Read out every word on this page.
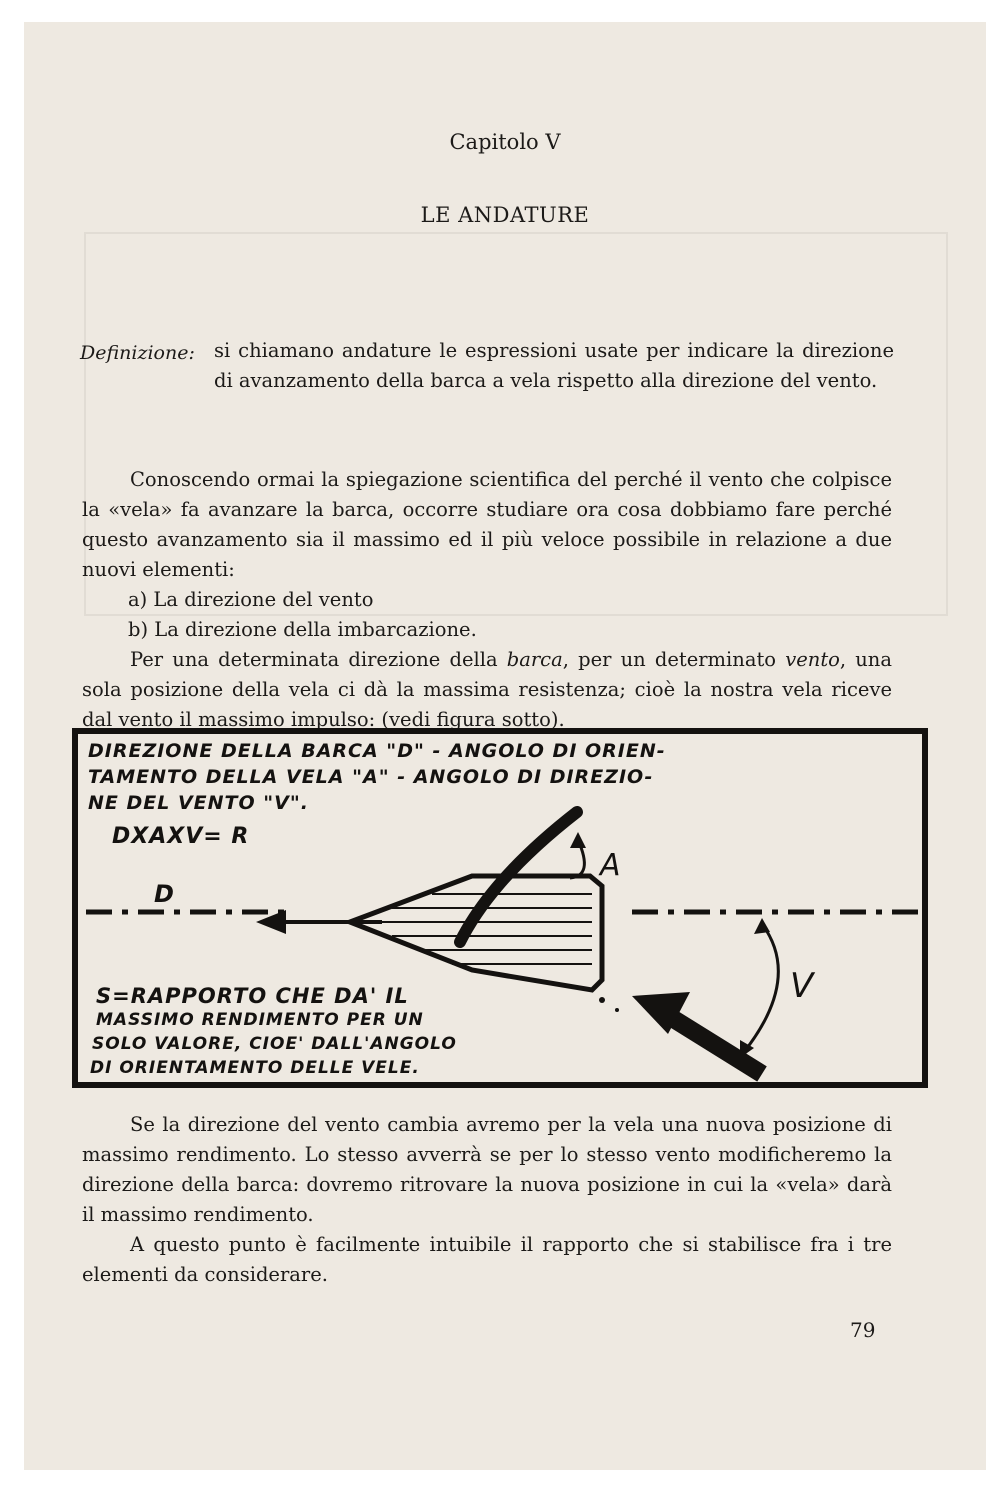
Capitolo V
LE ANDATURE
Definizione: si chiamano andature le espressioni usate per indicare la direzione di avanzamento della barca a vela rispetto alla direzione del vento.

Conoscendo ormai la spiegazione scientifica del perché il vento che colpisce la «vela» fa avanzare la barca, occorre studiare ora cosa dobbiamo fare perché questo avanzamento sia il massimo ed il più veloce possibile in relazione a due nuovi elementi:

a) La direzione del vento

b) La direzione della imbarcazione.

Per una determinata direzione della barca, per un determinato vento, una sola posizione della vela ci dà la massima resistenza; cioè la nostra vela riceve dal vento il massimo impulso: (vedi figura sotto).

DIREZIONE DELLA BARCA "D" - ANGOLO DI ORIEN-
TAMENTO DELLA VELA "A" - ANGOLO DI DIREZIO-
NE DEL VENTO "V".
DXAXV= R
A
D
V
S=RAPPORTO CHE DA' IL
MASSIMO RENDIMENTO PER UN
SOLO VALORE, CIOE' DALL'ANGOLO
DI ORIENTAMENTO DELLE VELE.

Se la direzione del vento cambia avremo per la vela una nuova posizione di massimo rendimento. Lo stesso avverrà se per lo stesso vento modificheremo la direzione della barca: dovremo ritrovare la nuova posizione in cui la «vela» darà il massimo rendimento.

A questo punto è facilmente intuibile il rapporto che si stabilisce fra i tre elementi da considerare.

79
